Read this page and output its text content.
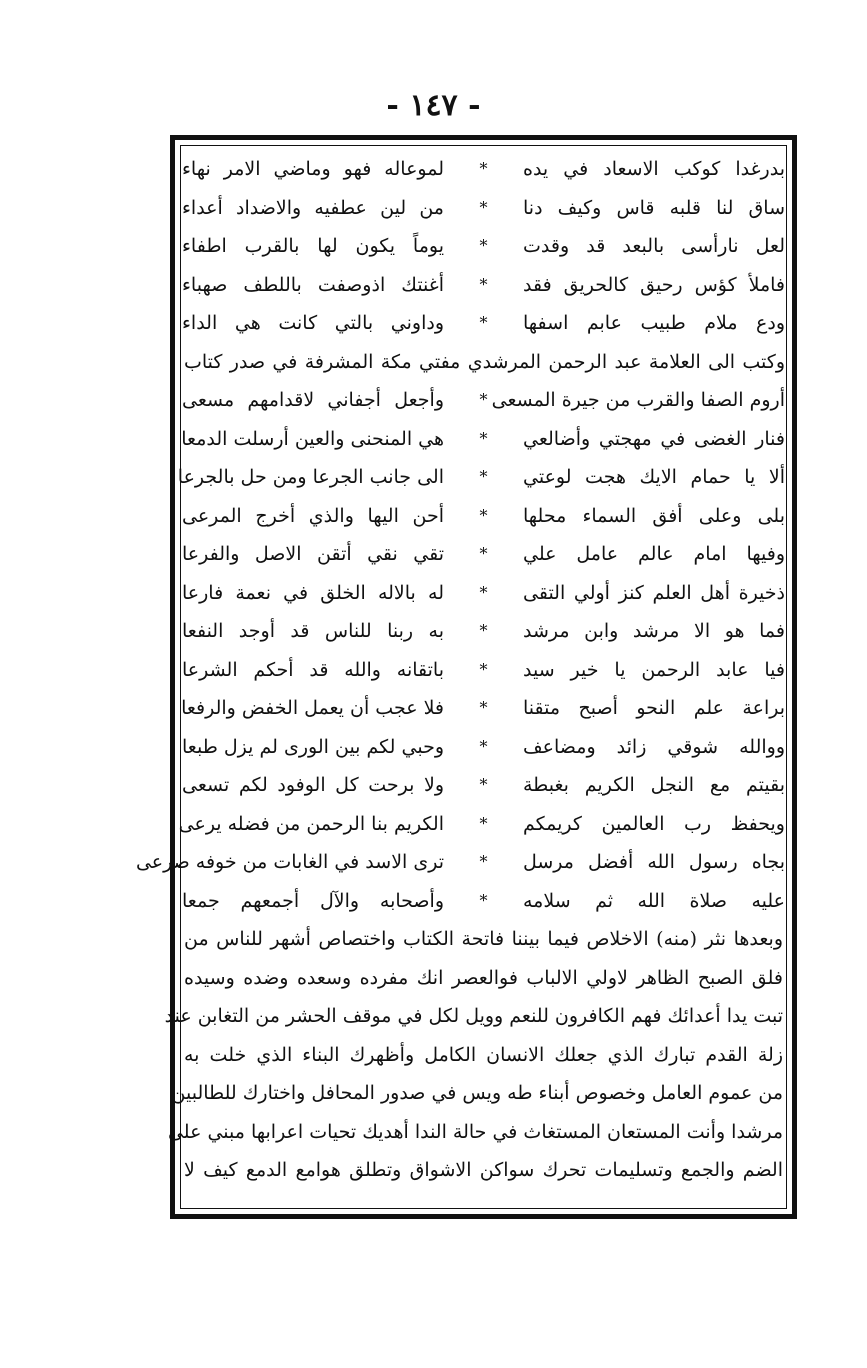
- ١٤٧ -
بدرغدا كوكب الاسعاد في يده
*
لموعاله فهو وماضي الامر نهاء
ساق لنا قلبه قاس وكيف دنا
*
من لين عطفيه والاضداد أعداء
لعل نارأسى بالبعد قد وقدت
*
يوماً يكون لها بالقرب اطفاء
فاملأ كؤس رحيق كالحريق فقد
*
أغنتك اذوصفت باللطف صهباء
ودع ملام طبيب عابم اسفها
*
وداوني بالتي كانت هي الداء
وكتب الى العلامة عبد الرحمن المرشدي مفتي مكة المشرفة في صدر كتاب
أروم الصفا والقرب من جيرة المسعى
*
وأجعل أجفاني لاقدامهم مسعى
فنار الغضى في مهجتي وأضالعي
*
هي المنحنى والعين أرسلت الدمعا
ألا يا حمام الايك هجت لوعتي
*
الى جانب الجرعا ومن حل بالجرعا
بلى وعلى أفق السماء محلها
*
أحن اليها والذي أخرج المرعى
وفيها امام عالم عامل علي
*
تقي نقي أتقن الاصل والفرعا
ذخيرة أهل العلم كنز أولي التقى
*
له بالاله الخلق في نعمة فارعا
فما هو الا مرشد وابن مرشد
*
به ربنا للناس قد أوجد النفعا
فيا عابد الرحمن يا خير سيد
*
باتقانه والله قد أحكم الشرعا
براعة علم النحو أصبح متقنا
*
فلا عجب أن يعمل الخفض والرفعا
ووالله شوقي زائد ومضاعف
*
وحبي لكم بين الورى لم يزل طبعا
بقيتم مع النجل الكريم بغبطة
*
ولا برحت كل الوفود لكم تسعى
ويحفظ رب العالمين كريمكم
*
الكريم بنا الرحمن من فضله يرعى
بجاه رسول الله أفضل مرسل
*
ترى الاسد في الغابات من خوفه صرعى
عليه صلاة الله ثم سلامه
*
وأصحابه والآل أجمعهم جمعا
وبعدها نثر (منه) الاخلاص فيما بيننا فاتحة الكتاب واختصاص أشهر للناس من
فلق الصبح الظاهر لاولي الالباب فوالعصر انك مفرده وسعده وضده وسيده
تبت يدا أعدائك فهم الكافرون للنعم وويل لكل في موقف الحشر من التغابن عند
زلة القدم تبارك الذي جعلك الانسان الكامل وأظهرك البناء الذي خلت به
من عموم العامل وخصوص أبناء طه ويس في صدور المحافل واختارك للطالبين
مرشدا وأنت المستعان المستغاث في حالة الندا أهديك تحيات اعرابها مبني على
الضم والجمع وتسليمات تحرك سواكن الاشواق وتطلق هوامع الدمع كيف لا
